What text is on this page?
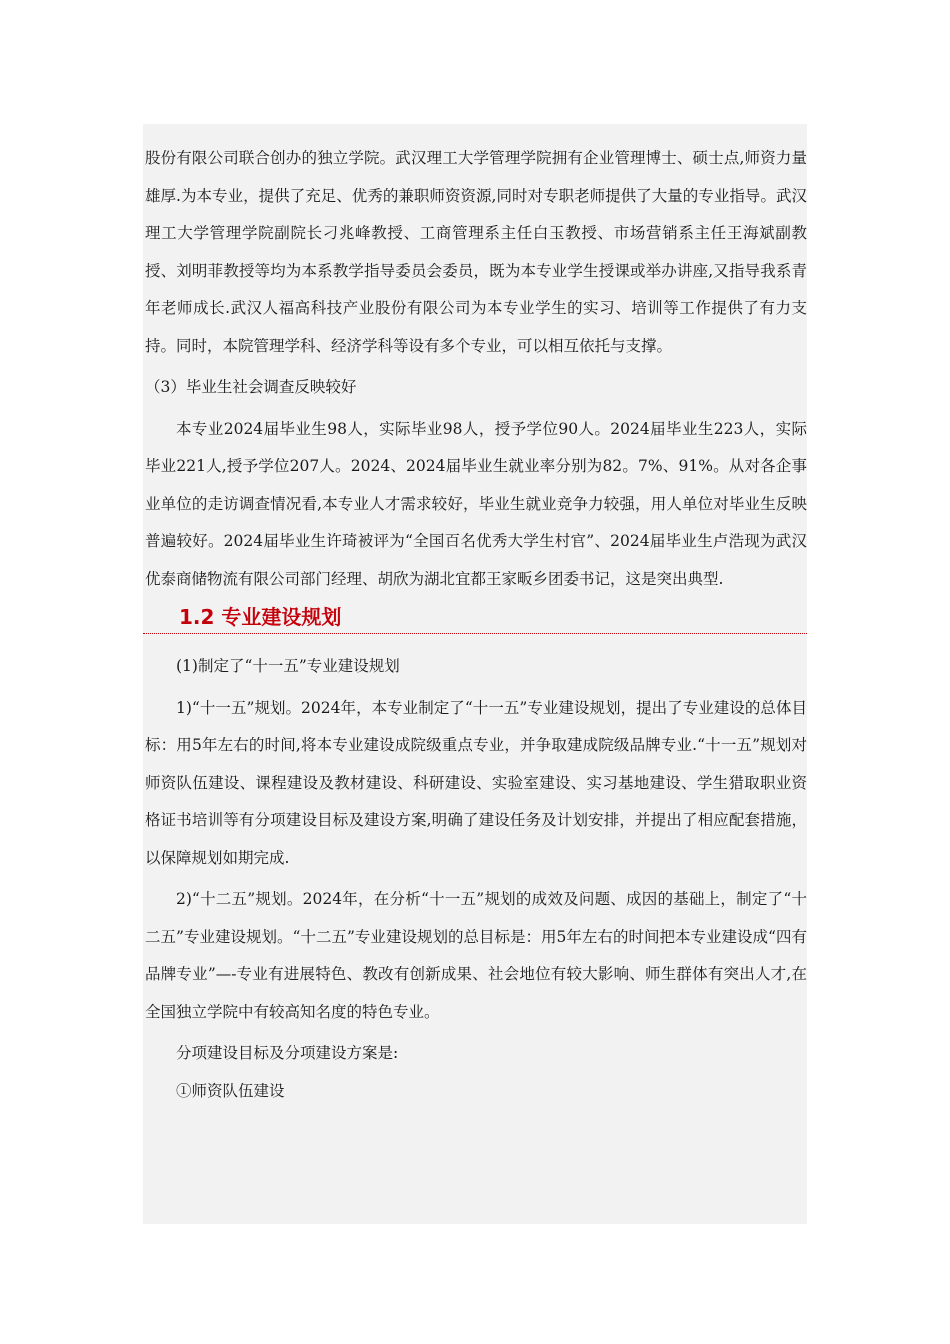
股份有限公司联合创办的独立学院。武汉理工大学管理学院拥有企业管理博士、硕士点,师资力量雄厚.为本专业，提供了充足、优秀的兼职师资资源,同时对专职老师提供了大量的专业指导。武汉理工大学管理学院副院长刁兆峰教授、工商管理系主任白玉教授、市场营销系主任王海斌副教授、刘明菲教授等均为本系教学指导委员会委员，既为本专业学生授课或举办讲座,又指导我系青年老师成长.武汉人福高科技产业股份有限公司为本专业学生的实习、培训等工作提供了有力支持。同时，本院管理学科、经济学科等设有多个专业，可以相互依托与支撑。

（3）毕业生社会调查反映较好

本专业2024届毕业生98人，实际毕业98人，授予学位90人。2024届毕业生223人，实际毕业221人,授予学位207人。2024、2024届毕业生就业率分别为82。7%、91%。从对各企事业单位的走访调查情况看,本专业人才需求较好，毕业生就业竞争力较强，用人单位对毕业生反映普遍较好。2024届毕业生许琦被评为“全国百名优秀大学生村官”、2024届毕业生卢浩现为武汉优泰商储物流有限公司部门经理、胡欣为湖北宜都王家畈乡团委书记，这是突出典型.

1.2 专业建设规划

(1)制定了“十一五”专业建设规划

1)“十一五”规划。2024年，本专业制定了“十一五”专业建设规划，提出了专业建设的总体目标：用5年左右的时间,将本专业建设成院级重点专业，并争取建成院级品牌专业.“十一五”规划对师资队伍建设、课程建设及教材建设、科研建设、实验室建设、实习基地建设、学生猎取职业资格证书培训等有分项建设目标及建设方案,明确了建设任务及计划安排，并提出了相应配套措施，以保障规划如期完成.

2)“十二五”规划。2024年，在分析“十一五”规划的成效及问题、成因的基础上，制定了“十二五”专业建设规划。“十二五”专业建设规划的总目标是：用5年左右的时间把本专业建设成“四有品牌专业”—-专业有进展特色、教改有创新成果、社会地位有较大影响、师生群体有突出人才,在全国独立学院中有较高知名度的特色专业。

分项建设目标及分项建设方案是:

①师资队伍建设
